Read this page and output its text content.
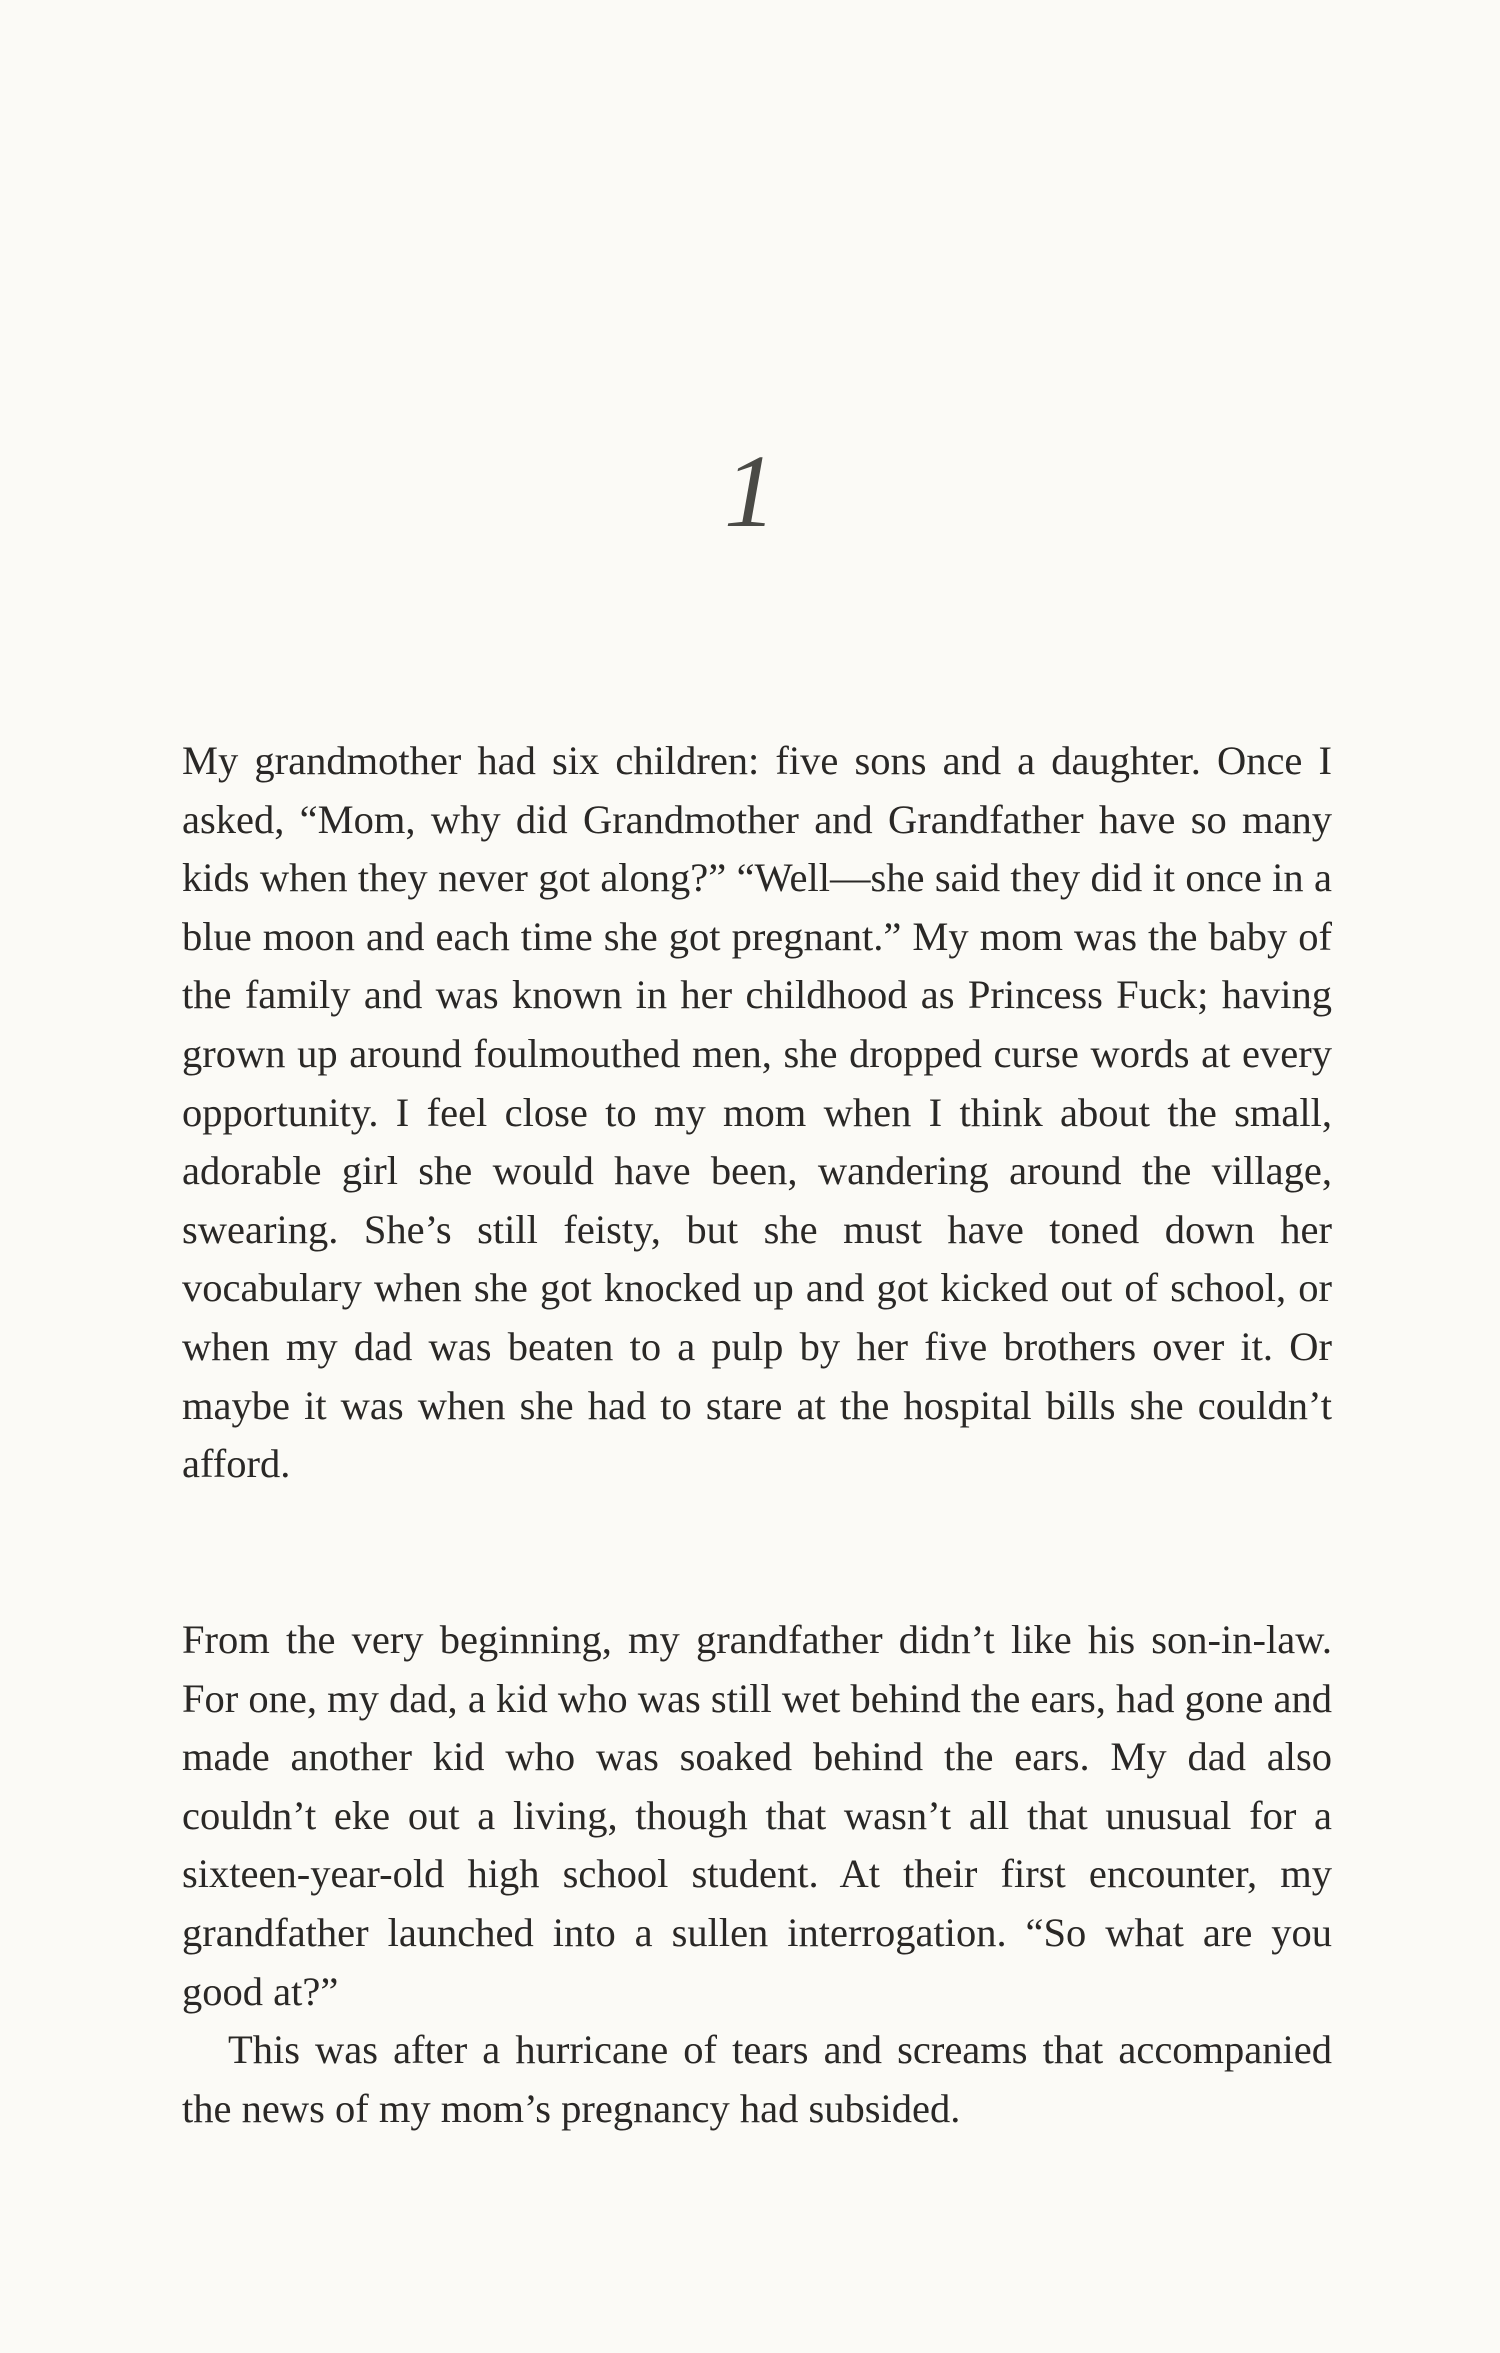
1

My grandmother had six children: five sons and a daughter. Once I asked, “Mom, why did Grandmother and Grandfather have so many kids when they never got along?” “Well—she said they did it once in a blue moon and each time she got pregnant.” My mom was the baby of the family and was known in her childhood as Princess Fuck; having grown up around foulmouthed men, she dropped curse words at every opportunity. I feel close to my mom when I think about the small, adorable girl she would have been, wandering around the village, swearing. She’s still feisty, but she must have toned down her vocabulary when she got knocked up and got kicked out of school, or when my dad was beaten to a pulp by her five brothers over it. Or maybe it was when she had to stare at the hospital bills she couldn’t afford.

From the very beginning, my grandfather didn’t like his son-in-law. For one, my dad, a kid who was still wet behind the ears, had gone and made another kid who was soaked behind the ears. My dad also couldn’t eke out a living, though that wasn’t all that unusual for a sixteen-year-old high school student. At their first encounter, my grandfather launched into a sullen interrogation. “So what are you good at?”

This was after a hurricane of tears and screams that accompanied the news of my mom’s pregnancy had subsided.
